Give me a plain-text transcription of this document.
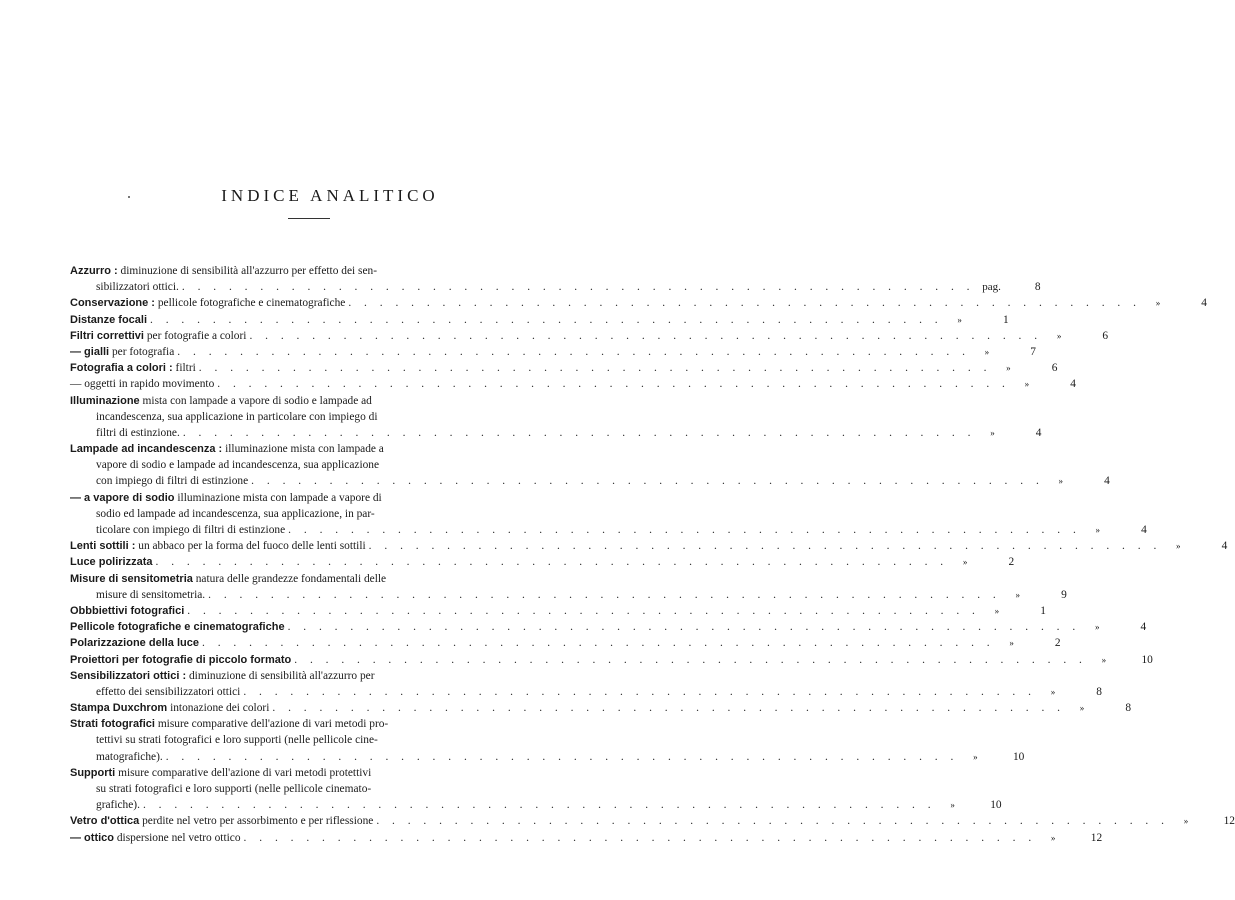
INDICE ANALITICO
Azzurro : diminuzione di sensibilità all'azzurro per effetto dei sen-
sibilizzatori ottici. . . . . . . . . . . . . . . . . . . . . . . . . . . . . . . . . . . . . . . . . . . . . . . . . . . . pag.	8
Conservazione : pellicole fotografiche e cinematografiche . . . . . . . . . . . . . . . . . . . . . . . . . . . . . . . . . . . . . . . . . . . . . . . . . . .	»	4
Distanze focali . . . . . . . . . . . . . . . . . . . . . . . . . . . . . . . . . . . . . . . . . . . . . . . . . . .	»	1
Filtri correttivi per fotografie a colori . . . . . . . . . . . . . . . . . . . . . . . . . . . . . . . . . . . . . . . . . . . . . . . . . . .	»	6
— gialli per fotografia . . . . . . . . . . . . . . . . . . . . . . . . . . . . . . . . . . . . . . . . . . . . . . . . . . .	»	7
Fotografia a colori : filtri . . . . . . . . . . . . . . . . . . . . . . . . . . . . . . . . . . . . . . . . . . . . . . . . . . .	»	6
— oggetti in rapido movimento . . . . . . . . . . . . . . . . . . . . . . . . . . . . . . . . . . . . . . . . . . . . . . . . . . .	»	4
Illuminazione mista con lampade a vapore di sodio e lampade ad
incandescenza, sua applicazione in particolare con impiego di
filtri di estinzione. . . . . . . . . . . . . . . . . . . . . . . . . . . . . . . . . . . . . . . . . . . . . . . . . . . .	»	4
Lampade ad incandescenza : illuminazione mista con lampade a
vapore di sodio e lampade ad incandescenza, sua applicazione
con impiego di filtri di estinzione . . . . . . . . . . . . . . . . . . . . . . . . . . . . . . . . . . . . . . . . . . . . . . . . . . .	»	4
— a vapore di sodio illuminazione mista con lampade a vapore di
sodio ed lampade ad incandescenza, sua applicazione, in par-
ticolare con impiego di filtri di estinzione . . . . . . . . . . . . . . . . . . . . . . . . . . . . . . . . . . . . . . . . . . . . . . . . . . .	»	4
Lenti sottili : un abbaco per la forma del fuoco delle lenti sottili . . . . . . . . . . . . . . . . . . . . . . . . . . . . . . . . . . . . . . . . . . . . . . . . . . .	»	4
Luce polirizzata . . . . . . . . . . . . . . . . . . . . . . . . . . . . . . . . . . . . . . . . . . . . . . . . . . .	»	2
Misure di sensitometria natura delle grandezze fondamentali delle
misure di sensitometria. . . . . . . . . . . . . . . . . . . . . . . . . . . . . . . . . . . . . . . . . . . . . . . . . . . .	»	9
Obbbiettivi fotografici . . . . . . . . . . . . . . . . . . . . . . . . . . . . . . . . . . . . . . . . . . . . . . . . . . .	»	1
Pellicole fotografiche e cinematografiche . . . . . . . . . . . . . . . . . . . . . . . . . . . . . . . . . . . . . . . . . . . . . . . . . . .	»	4
Polarizzazione della luce . . . . . . . . . . . . . . . . . . . . . . . . . . . . . . . . . . . . . . . . . . . . . . . . . . .	»	2
Proiettori per fotografie di piccolo formato . . . . . . . . . . . . . . . . . . . . . . . . . . . . . . . . . . . . . . . . . . . . . . . . . . .	»	10
Sensibilizzatori ottici : diminuzione di sensibilità all'azzurro per
effetto dei sensibilizzatori ottici . . . . . . . . . . . . . . . . . . . . . . . . . . . . . . . . . . . . . . . . . . . . . . . . . . .	»	8
Stampa Duxchrom intonazione dei colori . . . . . . . . . . . . . . . . . . . . . . . . . . . . . . . . . . . . . . . . . . . . . . . . . . .	»	8
Strati fotografici misure comparative dell'azione di vari metodi pro-
tettivi su strati fotografici e loro supporti (nelle pellicole cine-
matografiche). . . . . . . . . . . . . . . . . . . . . . . . . . . . . . . . . . . . . . . . . . . . . . . . . . . .	»	10
Supporti misure comparative dell'azione di vari metodi protettivi
su strati fotografici e loro supporti (nelle pellicole cinemato-
grafiche). . . . . . . . . . . . . . . . . . . . . . . . . . . . . . . . . . . . . . . . . . . . . . . . . . . .	»	10
Vetro d'ottica perdite nel vetro per assorbimento e per riflessione . . . . . . . . . . . . . . . . . . . . . . . . . . . . . . . . . . . . . . . . . . . . . . . . . . .	»	12
— ottico dispersione nel vetro ottico . . . . . . . . . . . . . . . . . . . . . . . . . . . . . . . . . . . . . . . . . . . . . . . . . . .	»	12
